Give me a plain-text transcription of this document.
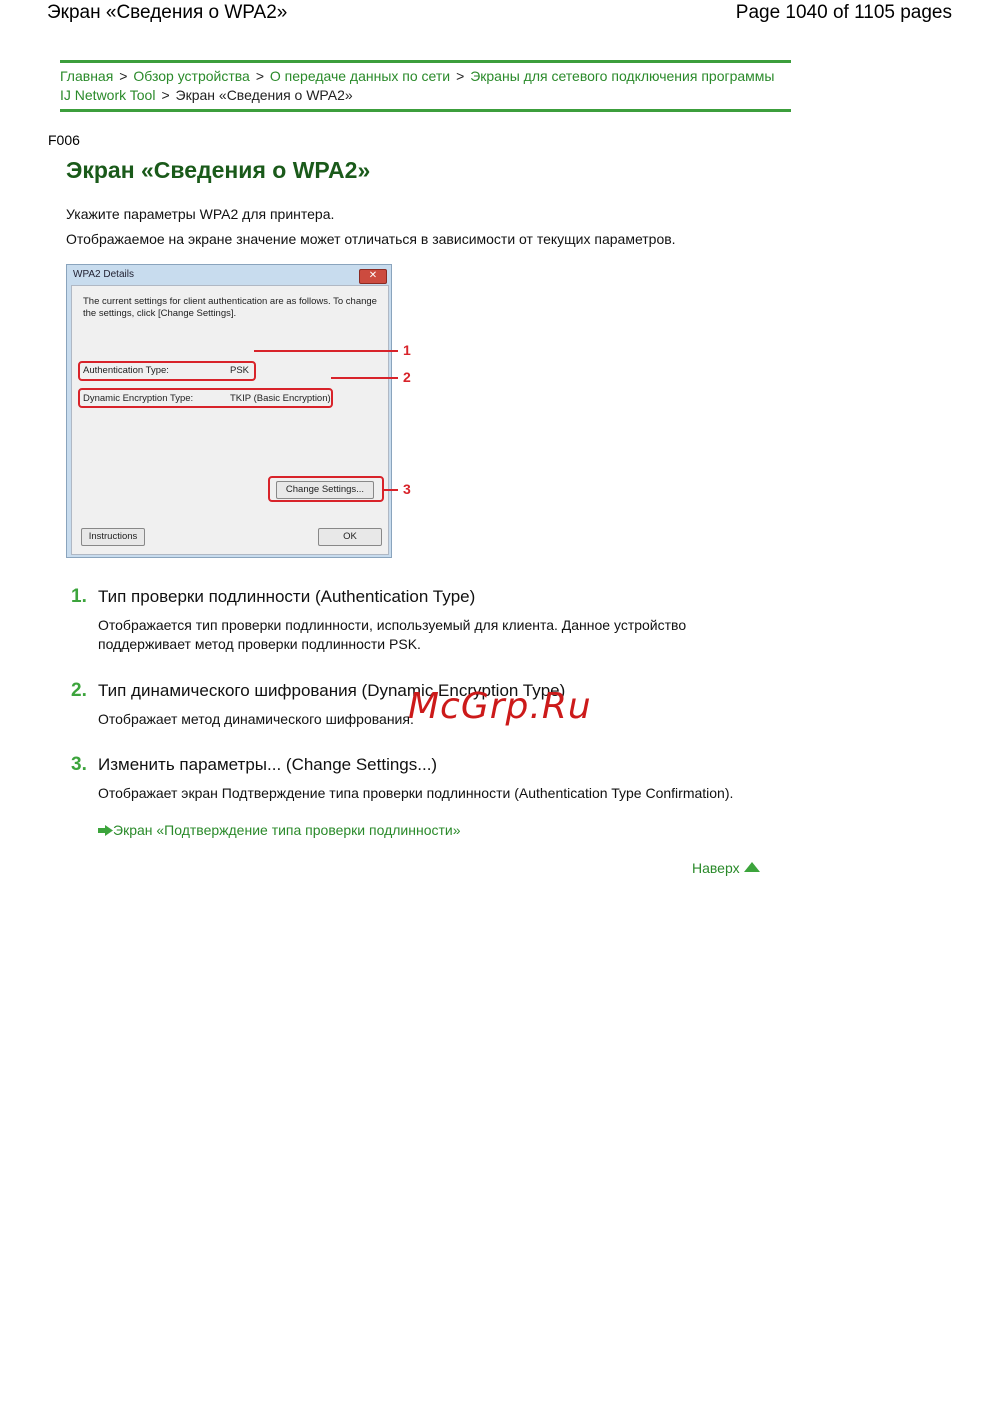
Экран «Сведения о WPA2»	Page 1040 of 1105 pages
Главная > Обзор устройства > О передаче данных по сети > Экраны для сетевого подключения программы IJ Network Tool > Экран «Сведения о WPA2»
F006
Экран «Сведения о WPA2»
Укажите параметры WPA2 для принтера.
Отображаемое на экране значение может отличаться в зависимости от текущих параметров.
WPA2 Details	✕
The current settings for client authentication are as follows. To change the settings, click [Change Settings].
Authentication Type:	PSK
Dynamic Encryption Type:	TKIP (Basic Encryption)
Change Settings...
Instructions	OK
1
2
3
1. Тип проверки подлинности (Authentication Type)
Отображается тип проверки подлинности, используемый для клиента. Данное устройство поддерживает метод проверки подлинности PSK.
2. Тип динамического шифрования (Dynamic Encryption Type)
Отображает метод динамического шифрования.
3. Изменить параметры... (Change Settings...)
Отображает экран Подтверждение типа проверки подлинности (Authentication Type Confirmation).
Экран «Подтверждение типа проверки подлинности»
Наверх
McGrp.Ru
